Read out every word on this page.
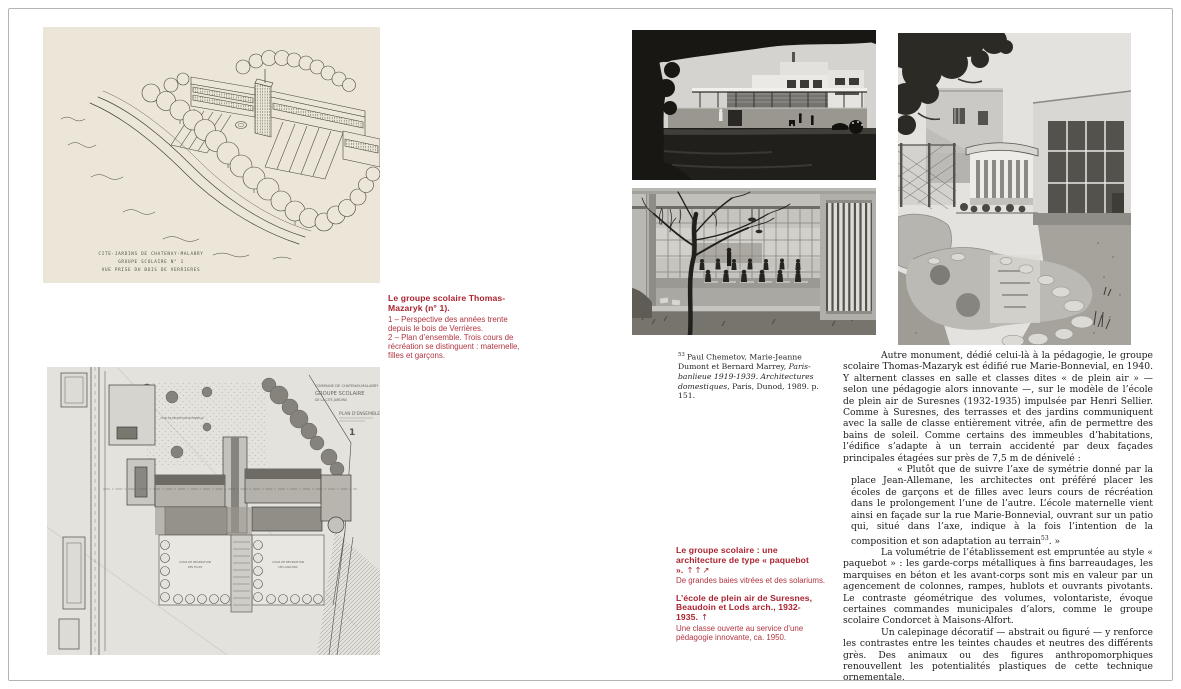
CITE-JARDINS DE CHATENAY-MALABRY
GROUPE SCOLAIRE N° 1
VUE PRISE DU BOIS DE VERRIERES

Le groupe scolaire Thomas-Mazaryk (n° 1).

1 – Perspective des années trente depuis le bois de Verrières.

2 – Plan d’ensemble. Trois cours de récréation se distinguent : maternelle, filles et garçons.

COMMUNE DE CHATENAY-MALABRY
GROUPE SCOLAIRE
DE LA CITE-JARDINS
PLAN D'ENSEMBLE
1
COUR DE RECREATION
DES FILLES
COUR DE RECREATION
DES GARCONS
COUR DE RECREATION MATERNELLE
$^{53}$ Paul Chemetov, Marie-Jeanne Dumont et Bernard Marrey, Paris-banlieue 1919-1939. Architectures domestiques, Paris, Dunod, 1989. p. 151.

Autre monument, dédié celui-là à la pédagogie, le groupe scolaire Thomas-Mazaryk est édifié rue Marie-Bonnevial, en 1940. Y alternent classes en salle et classes dites « de plein air » — selon une pédagogie alors innovante —, sur le modèle de l’école de plein air de Suresnes (1932-1935) impulsée par Henri Sellier. Comme à Suresnes, des terrasses et des jardins communiquent avec la salle de classe entièrement vitrée, afin de permettre des bains de soleil. Comme certains des immeubles d’habitations, l’édifice s’adapte à un terrain accidenté par deux façades principales étagées sur près de 7,5 m de dénivelé :

« Plutôt que de suivre l’axe de symétrie donné par la place Jean-Allemane, les architectes ont préféré placer les écoles de garçons et de filles avec leurs cours de récréation dans le prolongement l’une de l’autre. L’école maternelle vient ainsi en façade sur la rue Marie-Bonnevial, ouvrant sur un patio qui, situé dans l’axe, indique à la fois l’intention de la composition et son adaptation au terrain$^{53}$. »

La volumétrie de l’établissement est empruntée au style « paquebot » : les garde-corps métalliques à fins barreaudages, les marquises en béton et les avant-corps sont mis en valeur par un agencement de colonnes, rampes, hublots et ouvrants pivotants. Le contraste géométrique des volumes, volontariste, évoque certaines commandes municipales d’alors, comme le groupe scolaire Condorcet à Maisons-Alfort.

Un calepinage décoratif — abstrait ou figuré — y renforce les contrastes entre les teintes chaudes et neutres des différents grès. Des animaux ou des figures anthropomorphiques renouvellent les potentialités plastiques de cette technique ornementale.

Le groupe scolaire : une architecture de type « paquebot ». ↑↑↗

De grandes baies vitrées et des solariums.

L’école de plein air de Suresnes, Beaudoin et Lods arch., 1932-1935. ↑

Une classe ouverte au service d’une pédagogie innovante, ca. 1950.
